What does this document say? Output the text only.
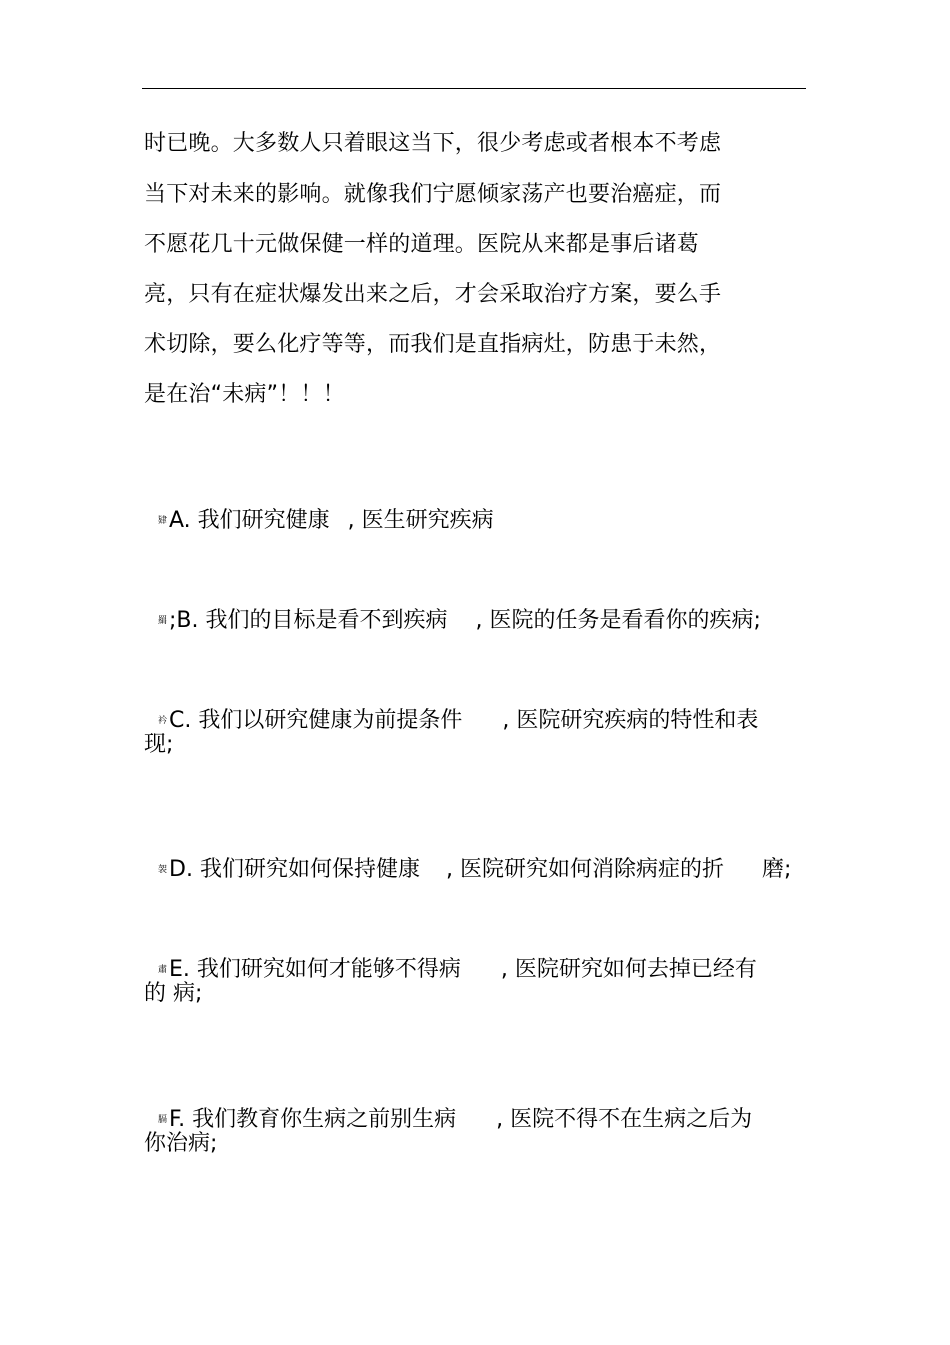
时已晚。大多数人只着眼这当下，很少考虑或者根本不考虑
当下对未来的影响。就像我们宁愿倾家荡产也要治癌症，而
不愿花几十元做保健一样的道理。医院从来都是事后诸葛
亮，只有在症状爆发出来之后，才会采取治疗方案，要么手
术切除，要么化疗等等，而我们是直指病灶，防患于未然，
是在治“未病”！！！

肄A. 我们研究健康 , 医生研究疾病

羂;B. 我们的目标是看不到疾病 , 医院的任务是看看你的疾病;

衿C. 我们以研究健康为前提条件 , 医院研究疾病的特性和表

现;

袈D. 我们研究如何保持健康 , 医院研究如何消除病症的折 磨;

肅E. 我们研究如何才能够不得病 , 医院研究如何去掉已经有

的 病;

膈F. 我们教育你生病之前别生病 , 医院不得不在生病之后为

你治病;
